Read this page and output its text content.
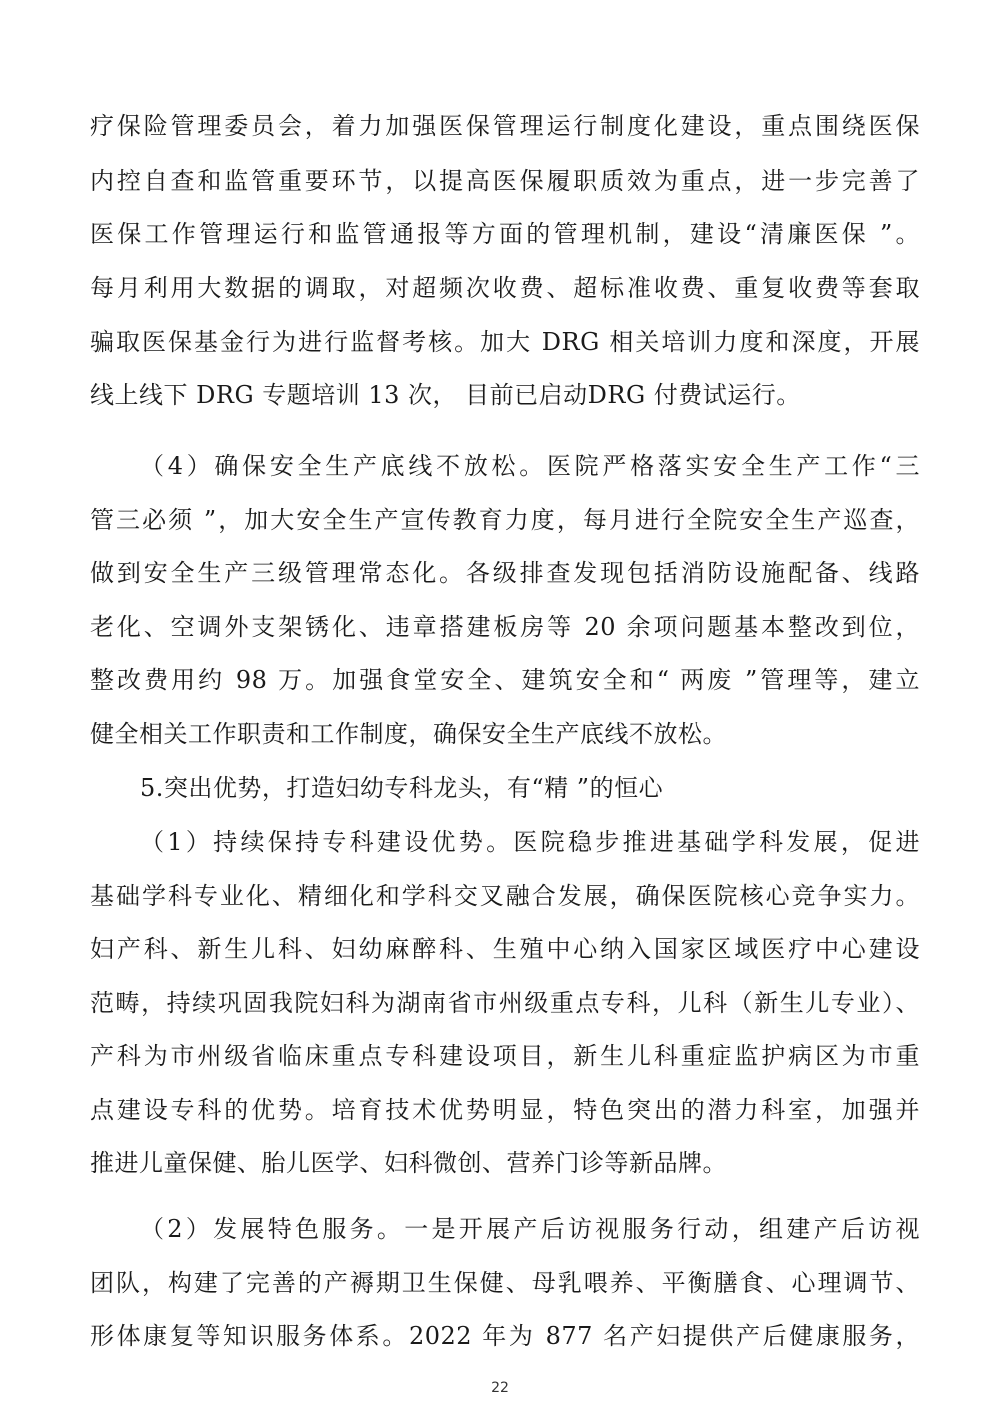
疗保险管理委员会，着力加强医保管理运行制度化建设，重点围绕医保
内控自查和监管重要环节，以提高医保履职质效为重点，进一步完善了
医保工作管理运行和监管通报等方面的管理机制，建设“清廉医保 ”。
每月利用大数据的调取，对超频次收费、超标准收费、重复收费等套取
骗取医保基金行为进行监督考核。加大 DRG 相关培训力度和深度，开展
线上线下 DRG 专题培训 13 次， 目前已启动DRG 付费试运行。
（4）确保安全生产底线不放松。医院严格落实安全生产工作“三
管三必须 ”，加大安全生产宣传教育力度，每月进行全院安全生产巡查，
做到安全生产三级管理常态化。各级排查发现包括消防设施配备、线路
老化、空调外支架锈化、违章搭建板房等 20 余项问题基本整改到位，
整改费用约 98 万。加强食堂安全、建筑安全和“ 两废 ”管理等，建立
健全相关工作职责和工作制度，确保安全生产底线不放松。
5.突出优势，打造妇幼专科龙头，有“精 ”的恒心
（1）持续保持专科建设优势。医院稳步推进基础学科发展，促进
基础学科专业化、精细化和学科交叉融合发展，确保医院核心竞争实力。
妇产科、新生儿科、妇幼麻醉科、生殖中心纳入国家区域医疗中心建设
范畴，持续巩固我院妇科为湖南省市州级重点专科，儿科（新生儿专业）、
产科为市州级省临床重点专科建设项目，新生儿科重症监护病区为市重
点建设专科的优势。培育技术优势明显，特色突出的潜力科室，加强并
推进儿童保健、胎儿医学、妇科微创、营养门诊等新品牌。
（2）发展特色服务。一是开展产后访视服务行动，组建产后访视
团队，构建了完善的产褥期卫生保健、母乳喂养、平衡膳食、心理调节、
形体康复等知识服务体系。2022 年为 877 名产妇提供产后健康服务，
22
